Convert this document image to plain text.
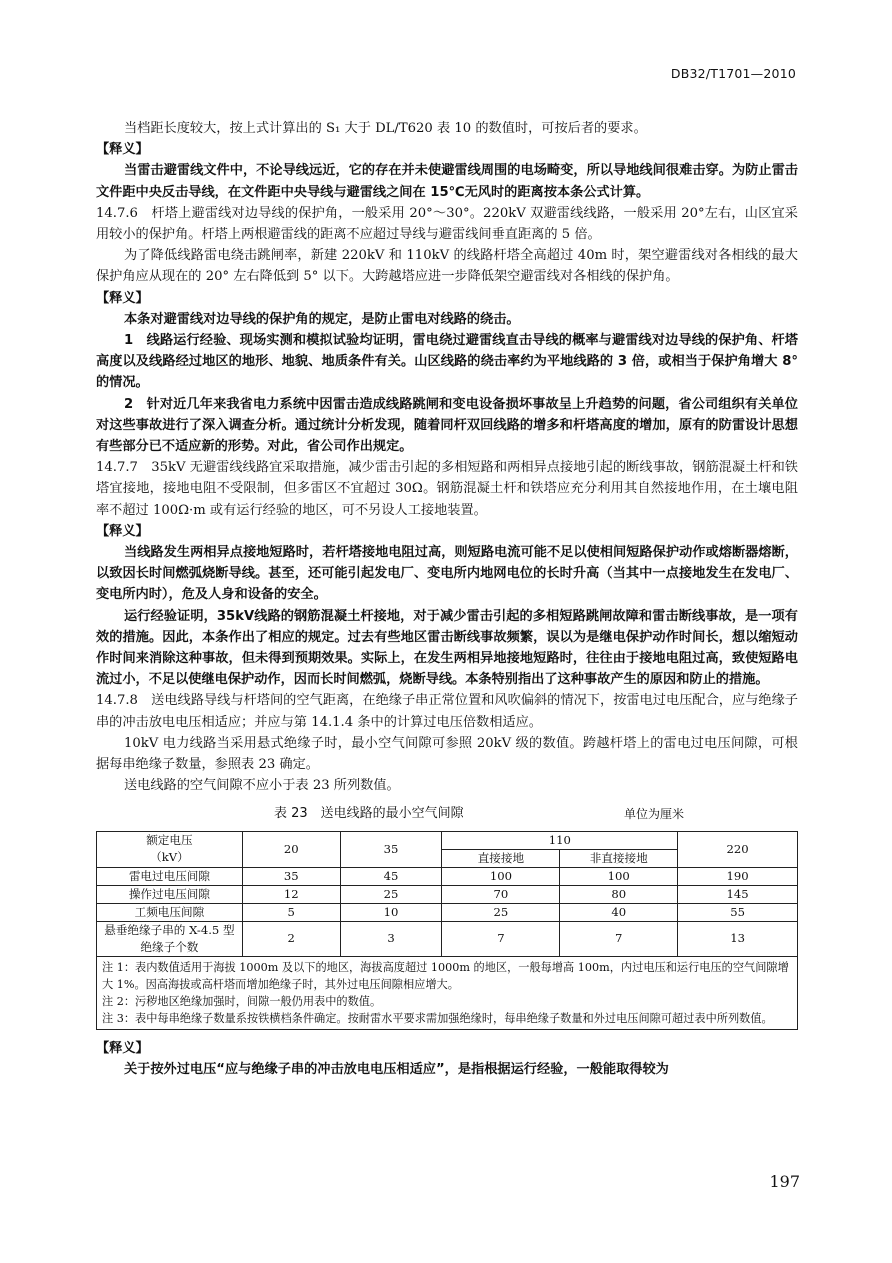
DB32/T1701—2010

当档距长度较大，按上式计算出的 S₁ 大于 DL/T620 表 10 的数值时，可按后者的要求。

【释义】

当雷击避雷线文件中，不论导线远近，它的存在并未使避雷线周围的电场畸变，所以导地线间很难击穿。为防止雷击文件距中央反击导线，在文件距中央导线与避雷线之间在 15℃无风时的距离按本条公式计算。

14.7.6　杆塔上避雷线对边导线的保护角，一般采用 20°～30°。220kV 双避雷线线路，一般采用 20°左右，山区宜采用较小的保护角。杆塔上两根避雷线的距离不应超过导线与避雷线间垂直距离的 5 倍。

为了降低线路雷电绕击跳闸率，新建 220kV 和 110kV 的线路杆塔全高超过 40m 时，架空避雷线对各相线的最大保护角应从现在的 20° 左右降低到 5° 以下。大跨越塔应进一步降低架空避雷线对各相线的保护角。

【释义】

本条对避雷线对边导线的保护角的规定，是防止雷电对线路的绕击。

1　线路运行经验、现场实测和模拟试验均证明，雷电绕过避雷线直击导线的概率与避雷线对边导线的保护角、杆塔高度以及线路经过地区的地形、地貌、地质条件有关。山区线路的绕击率约为平地线路的 3 倍，或相当于保护角增大 8°的情况。

2　针对近几年来我省电力系统中因雷击造成线路跳闸和变电设备损坏事故呈上升趋势的问题，省公司组织有关单位对这些事故进行了深入调查分析。通过统计分析发现，随着同杆双回线路的增多和杆塔高度的增加，原有的防雷设计思想有些部分已不适应新的形势。对此，省公司作出规定。

14.7.7　35kV 无避雷线线路宜采取措施，减少雷击引起的多相短路和两相异点接地引起的断线事故，钢筋混凝土杆和铁塔宜接地，接地电阻不受限制，但多雷区不宜超过 30Ω。钢筋混凝土杆和铁塔应充分利用其自然接地作用，在土壤电阻率不超过 100Ω·m 或有运行经验的地区，可不另设人工接地装置。

【释义】

当线路发生两相异点接地短路时，若杆塔接地电阻过高，则短路电流可能不足以使相间短路保护动作或熔断器熔断，以致因长时间燃弧烧断导线。甚至，还可能引起发电厂、变电所内地网电位的长时升高（当其中一点接地发生在发电厂、变电所内时），危及人身和设备的安全。

运行经验证明，35kV线路的钢筋混凝土杆接地，对于减少雷击引起的多相短路跳闸故障和雷击断线事故，是一项有效的措施。因此，本条作出了相应的规定。过去有些地区雷击断线事故频繁，误以为是继电保护动作时间长，想以缩短动作时间来消除这种事故，但未得到预期效果。实际上，在发生两相异地接地短路时，往往由于接地电阻过高，致使短路电流过小，不足以使继电保护动作，因而长时间燃弧，烧断导线。本条特别指出了这种事故产生的原因和防止的措施。

14.7.8　送电线路导线与杆塔间的空气距离，在绝缘子串正常位置和风吹偏斜的情况下，按雷电过电压配合，应与绝缘子串的冲击放电电压相适应；并应与第 14.1.4 条中的计算过电压倍数相适应。

10kV 电力线路当采用悬式绝缘子时，最小空气间隙可参照 20kV 级的数值。跨越杆塔上的雷电过电压间隙，可根据每串绝缘子数量，参照表 23 确定。

送电线路的空气间隙不应小于表 23 所列数值。

表 23　送电线路的最小空气间隙	单位为厘米
额定电压
（kV）	20	35	110		220
			直接接地	非直接接地	
雷电过电压间隙	35	45	100	100	190
操作过电压间隙	12	25	70	80	145
工频电压间隙	5	10	25	40	55
悬垂绝缘子串的 X-4.5 型绝缘子个数	2	3	7	7	13

注 1：表内数值适用于海拔 1000m 及以下的地区，海拔高度超过 1000m 的地区，一般每增高 100m，内过电压和运行电压的空气间隙增大 1%。因高海拔或高杆塔而增加绝缘子时，其外过电压间隙相应增大。
注 2：污秽地区绝缘加强时，间隙一般仍用表中的数值。
注 3：表中每串绝缘子数量系按铁横档条件确定。按耐雷水平要求需加强绝缘时，每串绝缘子数量和外过电压间隙可超过表中所列数值。					

【释义】

关于按外过电压“应与绝缘子串的冲击放电电压相适应”，是指根据运行经验，一般能取得较为

197
